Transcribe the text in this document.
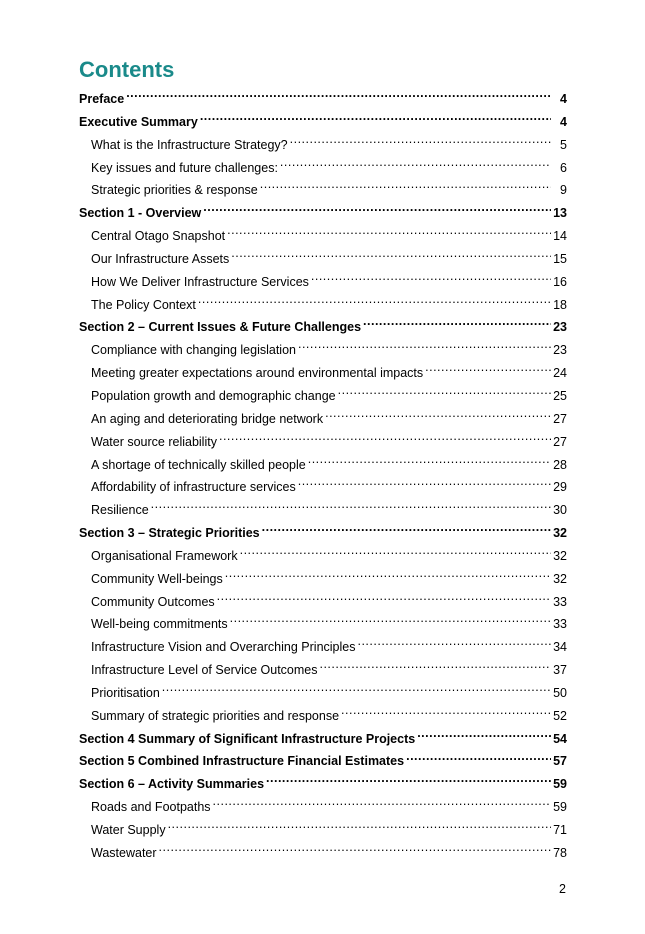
Contents
Preface .....	4
Executive Summary .....	4
What is the Infrastructure Strategy? .....	5
Key issues and future challenges: .....	6
Strategic priorities & response .....	9
Section 1 - Overview .....	13
Central Otago Snapshot .....	14
Our Infrastructure Assets .....	15
How We Deliver Infrastructure Services .....	16
The Policy Context .....	18
Section 2 – Current Issues & Future Challenges .....	23
Compliance with changing legislation .....	23
Meeting greater expectations around environmental impacts .....	24
Population growth and demographic change .....	25
An aging and deteriorating bridge network .....	27
Water source reliability .....	27
A shortage of technically skilled people .....	28
Affordability of infrastructure services .....	29
Resilience .....	30
Section 3 – Strategic Priorities .....	32
Organisational Framework .....	32
Community Well-beings .....	32
Community Outcomes .....	33
Well-being commitments .....	33
Infrastructure Vision and Overarching Principles .....	34
Infrastructure Level of Service Outcomes .....	37
Prioritisation .....	50
Summary of strategic priorities and response .....	52
Section 4 Summary of Significant Infrastructure Projects .....	54
Section 5 Combined Infrastructure Financial Estimates .....	57
Section 6 – Activity Summaries .....	59
Roads and Footpaths .....	59
Water Supply .....	71
Wastewater .....	78
2
